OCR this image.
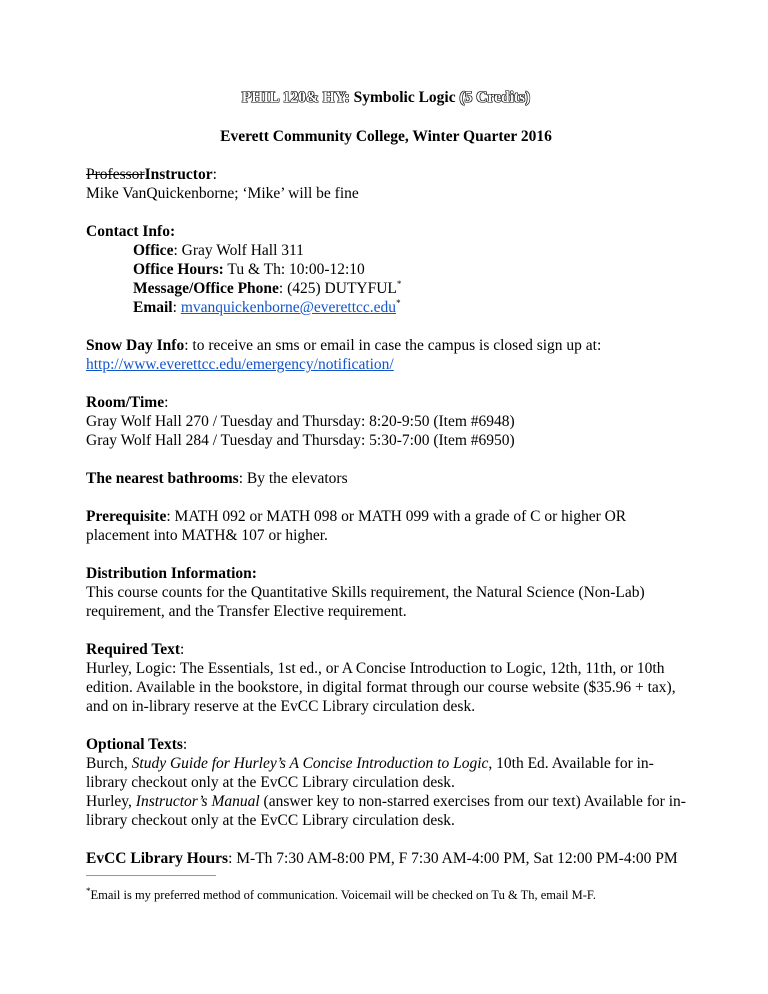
PHIL 120& HY: Symbolic Logic (5 Credits)

Everett Community College, Winter Quarter 2016

ProfessorInstructor:

Mike VanQuickenborne; ‘Mike’ will be fine

Contact Info:

Office: Gray Wolf Hall 311

Office Hours: Tu & Th: 10:00-12:10

Message/Office Phone: (425) DUTYFUL*

Email: mvanquickenborne@everettcc.edu*

Snow Day Info: to receive an sms or email in case the campus is closed sign up at:

http://www.everettcc.edu/emergency/notification/

Room/Time:

Gray Wolf Hall 270 / Tuesday and Thursday: 8:20-9:50 (Item #6948)

Gray Wolf Hall 284 / Tuesday and Thursday: 5:30-7:00 (Item #6950)

The nearest bathrooms: By the elevators

Prerequisite: MATH 092 or MATH 098 or MATH 099 with a grade of C or higher OR placement into MATH& 107 or higher.

Distribution Information:

This course counts for the Quantitative Skills requirement, the Natural Science (Non-Lab) requirement, and the Transfer Elective requirement.

Required Text:

Hurley, Logic: The Essentials, 1st ed., or A Concise Introduction to Logic, 12th, 11th, or 10th edition. Available in the bookstore, in digital format through our course website ($35.96 + tax), and on in-library reserve at the EvCC Library circulation desk.

Optional Texts:

Burch, Study Guide for Hurley’s A Concise Introduction to Logic, 10th Ed. Available for in-library checkout only at the EvCC Library circulation desk.

Hurley, Instructor’s Manual (answer key to non-starred exercises from our text) Available for in-library checkout only at the EvCC Library circulation desk.

EvCC Library Hours: M-Th 7:30 AM-8:00 PM, F 7:30 AM-4:00 PM, Sat 12:00 PM-4:00 PM

*Email is my preferred method of communication. Voicemail will be checked on Tu & Th, email M-F.
